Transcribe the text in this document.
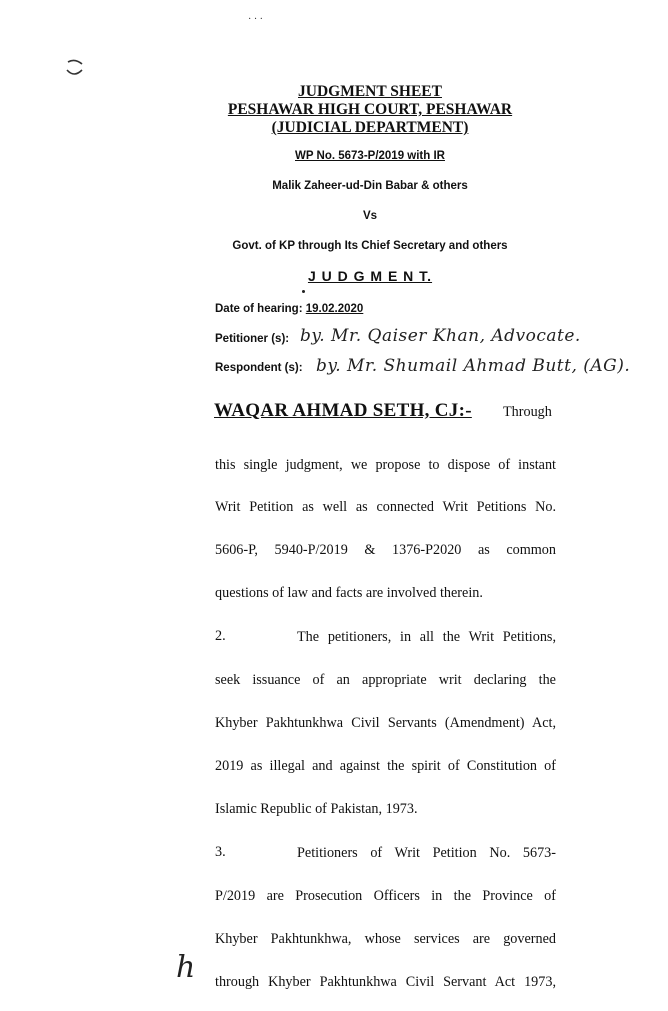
· · ·
JUDGMENT SHEET
PESHAWAR HIGH COURT, PESHAWAR
(JUDICIAL DEPARTMENT)
WP No. 5673-P/2019 with IR
Malik Zaheer-ud-Din Babar & others
Vs
Govt. of KP through Its Chief Secretary and others
J U D G M E N T.
Date of hearing: 19.02.2020
Petitioner (s): by. Mr. Qaiser Khan, Advocate.
Respondent (s): by. Mr. Shumail Ahmad Butt, (AG).
WAQAR AHMAD SETH, CJ:- Through
this single judgment, we propose to dispose of instant
Writ Petition as well as connected Writ Petitions No.
5606-P, 5940-P/2019 & 1376-P2020 as common
questions of law and facts are involved therein.
2.	The petitioners, in all the Writ Petitions,
seek issuance of an appropriate writ declaring the
Khyber Pakhtunkhwa Civil Servants (Amendment) Act,
2019 as illegal and against the spirit of Constitution of
Islamic Republic of Pakistan, 1973.
3.	Petitioners of Writ Petition No. 5673-
P/2019 are Prosecution Officers in the Province of
Khyber Pakhtunkhwa, whose services are governed
through Khyber Pakhtunkhwa Civil Servant Act 1973,
h
